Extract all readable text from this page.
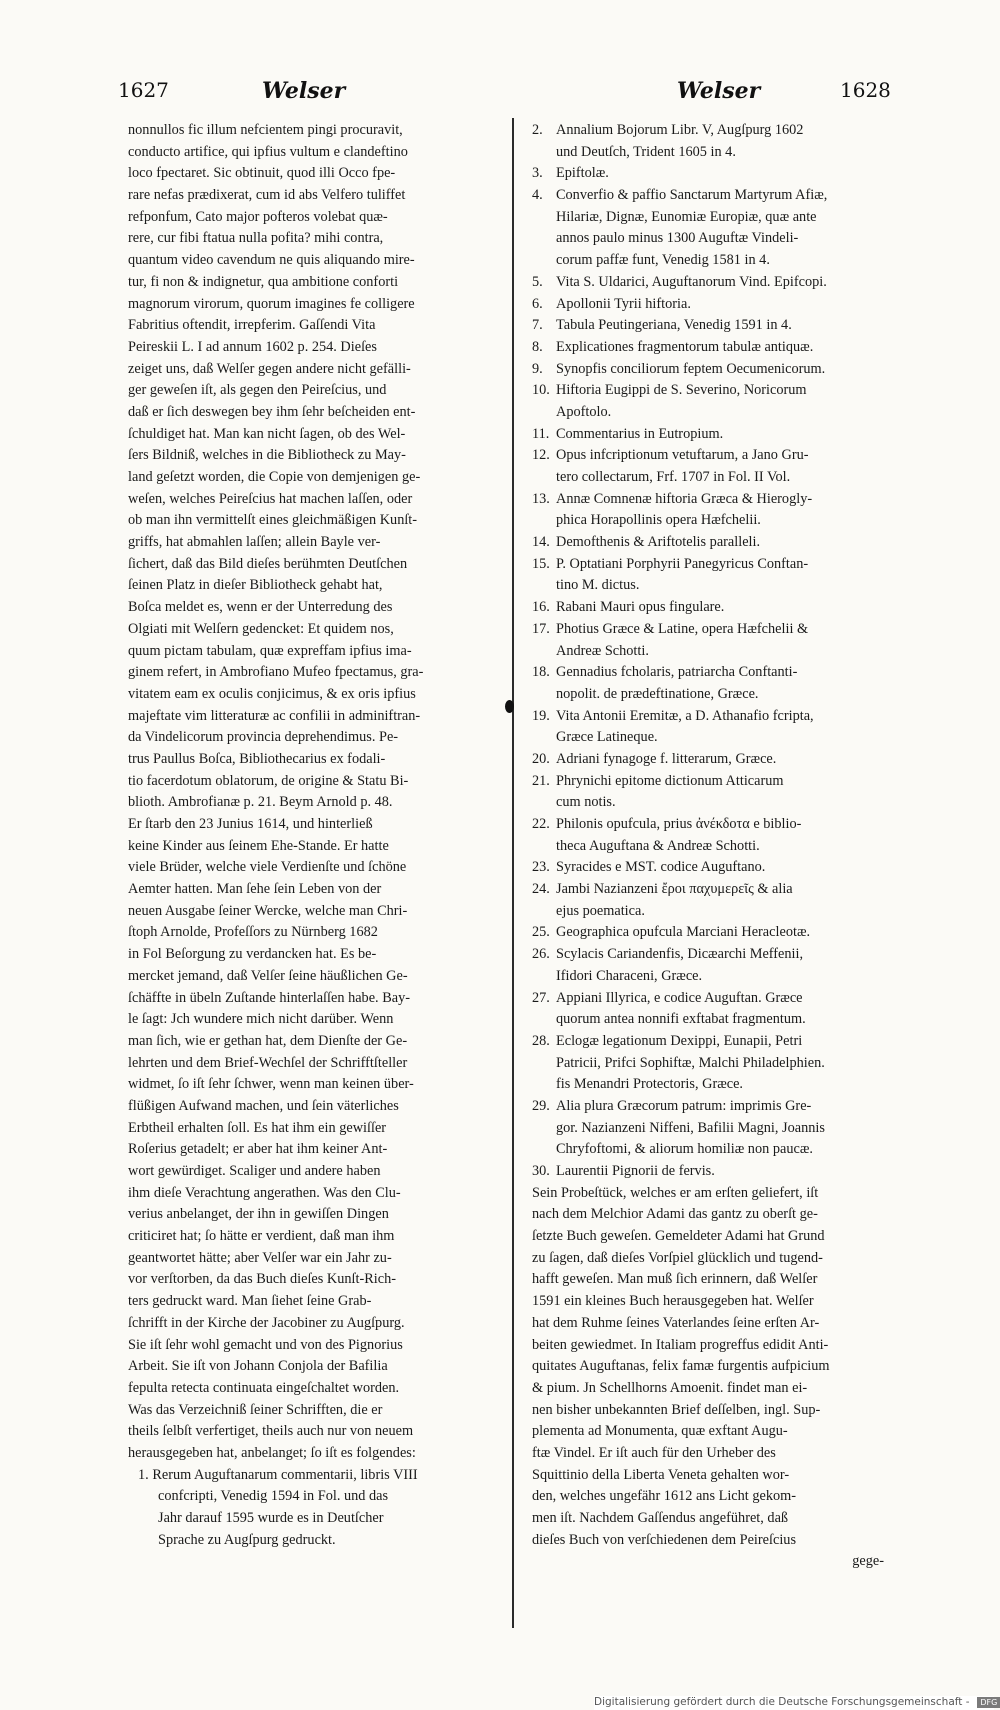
1627	Welser	Welser	1628
nonnullos fic illum nefcientem pingi procuravit,
conducto artifice, qui ipfius vultum e clandeftino
loco fpectaret. Sic obtinuit, quod illi Occo fpe-
rare nefas prædixerat, cum id abs Velfero tuliffet
refponfum, Cato major pofteros volebat quæ-
rere, cur fibi ftatua nulla pofita? mihi contra,
quantum video cavendum ne quis aliquando mire-
tur, fi non & indignetur, qua ambitione conforti
magnorum virorum, quorum imagines fe colligere
Fabritius oftendit, irrepferim. Gaſſendi Vita
Peireskii L. I ad annum 1602 p. 254. Dieſes
zeiget uns, daß Welſer gegen andere nicht gefälli-
ger geweſen iſt, als gegen den Peireſcius, und
daß er ſich deswegen bey ihm ſehr beſcheiden ent-
ſchuldiget hat. Man kan nicht ſagen, ob des Wel-
ſers Bildniß, welches in die Bibliotheck zu May-
land geſetzt worden, die Copie von demjenigen ge-
weſen, welches Peireſcius hat machen laſſen, oder
ob man ihn vermittelſt eines gleichmäßigen Kunſt-
griffs, hat abmahlen laſſen; allein Bayle ver-
ſichert, daß das Bild dieſes berühmten Deutſchen
ſeinen Platz in dieſer Bibliotheck gehabt hat,
Boſca meldet es, wenn er der Unterredung des
Olgiati mit Welſern gedencket: Et quidem nos,
quum pictam tabulam, quæ expreffam ipfius ima-
ginem refert, in Ambrofiano Mufeo fpectamus, gra-
vitatem eam ex oculis conjicimus, & ex oris ipfius
majeftate vim litteraturæ ac confilii in adminiftran-
da Vindelicorum provincia deprehendimus. Pe-
trus Paullus Boſca, Bibliothecarius ex fodali-
tio facerdotum oblatorum, de origine & Statu Bi-
blioth. Ambrofianæ p. 21. Beym Arnold p. 48.
Er ſtarb den 23 Junius 1614, und hinterließ
keine Kinder aus ſeinem Ehe-Stande. Er hatte
viele Brüder, welche viele Verdienſte und ſchöne
Aemter hatten. Man ſehe ſein Leben von der
neuen Ausgabe ſeiner Wercke, welche man Chri-
ſtoph Arnolde, Profeſſors zu Nürnberg 1682
in Fol Beſorgung zu verdancken hat. Es be-
mercket jemand, daß Velſer ſeine häußlichen Ge-
ſchäffte in übeln Zuſtande hinterlaſſen habe. Bay-
le ſagt: Jch wundere mich nicht darüber. Wenn
man ſich, wie er gethan hat, dem Dienſte der Ge-
lehrten und dem Brief-Wechſel der Schrifftſteller
widmet, ſo iſt ſehr ſchwer, wenn man keinen über-
flüßigen Aufwand machen, und ſein väterliches
Erbtheil erhalten ſoll. Es hat ihm ein gewiſſer
Roſerius getadelt; er aber hat ihm keiner Ant-
wort gewürdiget. Scaliger und andere haben
ihm dieſe Verachtung angerathen. Was den Clu-
verius anbelanget, der ihn in gewiſſen Dingen
criticiret hat; ſo hätte er verdient, daß man ihm
geantwortet hätte; aber Velſer war ein Jahr zu-
vor verſtorben, da das Buch dieſes Kunſt-Rich-
ters gedruckt ward. Man ſiehet ſeine Grab-
ſchrifft in der Kirche der Jacobiner zu Augſpurg.
Sie iſt ſehr wohl gemacht und von des Pignorius
Arbeit. Sie iſt von Johann Conjola der Bafilia
fepulta retecta continuata eingeſchaltet worden.
Was das Verzeichniß ſeiner Schrifften, die er
theils ſelbſt verfertiget, theils auch nur von neuem
herausgegeben hat, anbelanget; ſo iſt es folgendes:
1. Rerum Auguftanarum commentarii, libris VIII
confcripti, Venedig 1594 in Fol. und das
Jahr darauf 1595 wurde es in Deutſcher
Sprache zu Augſpurg gedruckt.
2. Annalium Bojorum Libr. V, Augſpurg 1602
und Deutſch, Trident 1605 in 4.
3. Epiftolæ.
4. Converfio & paffio Sanctarum Martyrum Afiæ,
Hilariæ, Dignæ, Eunomiæ Europiæ, quæ ante
annos paulo minus 1300 Auguftæ Vindeli-
corum paffæ funt, Venedig 1581 in 4.
5. Vita S. Uldarici, Auguftanorum Vind. Epifcopi.
6. Apollonii Tyrii hiftoria.
7. Tabula Peutingeriana, Venedig 1591 in 4.
8. Explicationes fragmentorum tabulæ antiquæ.
9. Synopfis conciliorum feptem Oecumenicorum.
10. Hiftoria Eugippi de S. Severino, Noricorum
Apoftolo.
11. Commentarius in Eutropium.
12. Opus infcriptionum vetuftarum, a Jano Gru-
tero collectarum, Frf. 1707 in Fol. II Vol.
13. Annæ Comnenæ hiftoria Græca & Hierogly-
phica Horapollinis opera Hæfchelii.
14. Demofthenis & Ariftotelis paralleli.
15. P. Optatiani Porphyrii Panegyricus Conftan-
tino M. dictus.
16. Rabani Mauri opus fingulare.
17. Photius Græce & Latine, opera Hæfchelii &
Andreæ Schotti.
18. Gennadius fcholaris, patriarcha Conftanti-
nopolit. de prædeftinatione, Græce.
19. Vita Antonii Eremitæ, a D. Athanafio fcripta,
Græce Latineque.
20. Adriani fynagoge f. litterarum, Græce.
21. Phrynichi epitome dictionum Atticarum
cum notis.
22. Philonis opufcula, prius ἀνέκδοτα e biblio-
theca Auguftana & Andreæ Schotti.
23. Syracides e MST. codice Auguftano.
24. Jambi Nazianzeni ἔροι παχυμερεῖς & alia
ejus poematica.
25. Geographica opufcula Marciani Heracleotæ.
26. Scylacis Cariandenfis, Dicæarchi Meffenii,
Ifidori Characeni, Græce.
27. Appiani Illyrica, e codice Auguftan. Græce
quorum antea nonnifi exftabat fragmentum.
28. Eclogæ legationum Dexippi, Eunapii, Petri
Patricii, Prifci Sophiftæ, Malchi Philadelphien.
fis Menandri Protectoris, Græce.
29. Alia plura Græcorum patrum: imprimis Gre-
gor. Nazianzeni Niffeni, Bafilii Magni, Joannis
Chryfoftomi, & aliorum homiliæ non paucæ.
30. Laurentii Pignorii de fervis.
Sein Probeſtück, welches er am erſten geliefert, iſt
nach dem Melchior Adami das gantz zu oberſt ge-
ſetzte Buch geweſen. Gemeldeter Adami hat Grund
zu ſagen, daß dieſes Vorſpiel glücklich und tugend-
hafft geweſen. Man muß ſich erinnern, daß Welſer
1591 ein kleines Buch herausgegeben hat. Welſer
hat dem Ruhme ſeines Vaterlandes ſeine erſten Ar-
beiten gewiedmet. In Italiam progreffus edidit Anti-
quitates Auguftanas, felix famæ furgentis aufpicium
& pium. Jn Schellhorns Amoenit. findet man ei-
nen bisher unbekannten Brief deſſelben, ingl. Sup-
plementa ad Monumenta, quæ exftant Augu-
ftæ Vindel. Er iſt auch für den Urheber des
Squittinio della Liberta Veneta gehalten wor-
den, welches ungefähr 1612 ans Licht gekom-
men iſt. Nachdem Gaſſendus angeführet, daß
dieſes Buch von verſchiedenen dem Peireſcius
gege-
Digitalisierung gefördert durch die Deutsche Forschungsgemeinschaft - DFG
